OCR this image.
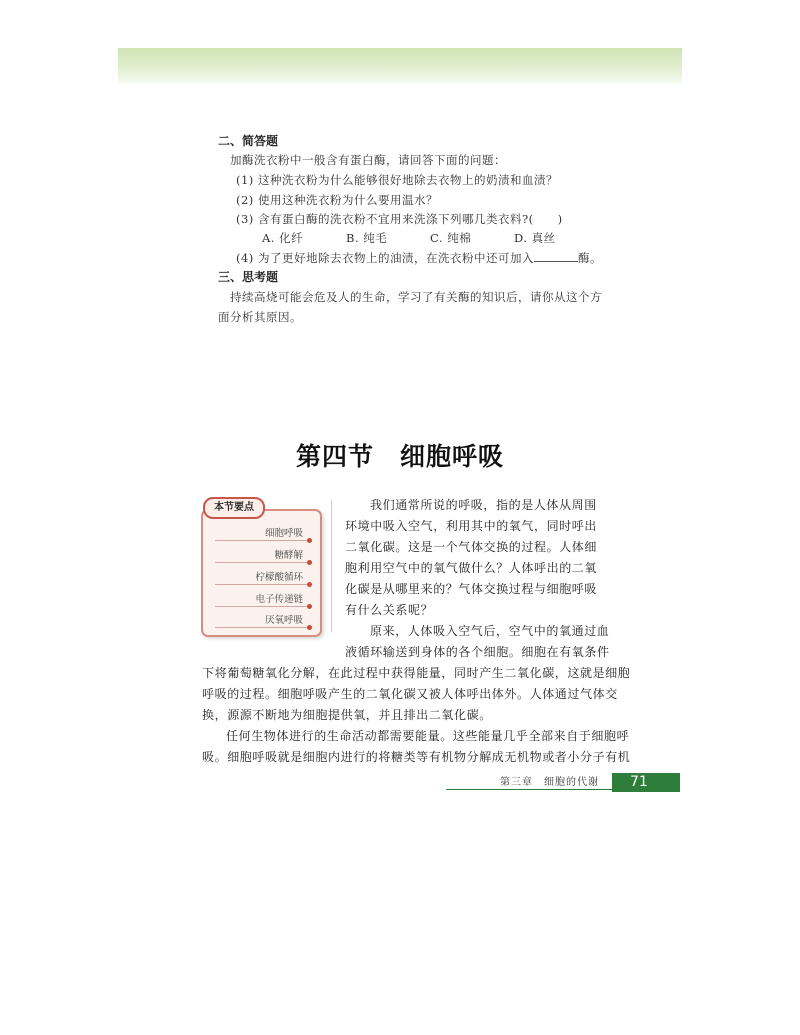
二、简答题
加酶洗衣粉中一般含有蛋白酶，请回答下面的问题：
(1) 这种洗衣粉为什么能够很好地除去衣物上的奶渍和血渍？
(2) 使用这种洗衣粉为什么要用温水？
(3) 含有蛋白酶的洗衣粉不宜用来洗涤下列哪几类衣料?(　　)
A. 化纤	B. 纯毛	C. 纯棉	D. 真丝
(4) 为了更好地除去衣物上的油渍，在洗衣粉中还可加入	酶。
三、思考题
持续高烧可能会危及人的生命，学习了有关酶的知识后，请你从这个方
面分析其原因。
第四节　细胞呼吸
本节要点
细胞呼吸
糖酵解
柠檬酸循环
电子传递链
厌氧呼吸
我们通常所说的呼吸，指的是人体从周围
环境中吸入空气，利用其中的氧气，同时呼出
二氧化碳。这是一个气体交换的过程。人体细
胞利用空气中的氧气做什么？人体呼出的二氧
化碳是从哪里来的？气体交换过程与细胞呼吸
有什么关系呢？
原来，人体吸入空气后，空气中的氧通过血
液循环输送到身体的各个细胞。细胞在有氧条件
下将葡萄糖氧化分解，在此过程中获得能量，同时产生二氧化碳，这就是细胞
呼吸的过程。细胞呼吸产生的二氧化碳又被人体呼出体外。人体通过气体交
换，源源不断地为细胞提供氧，并且排出二氧化碳。
任何生物体进行的生命活动都需要能量。这些能量几乎全部来自于细胞呼
吸。细胞呼吸就是细胞内进行的将糖类等有机物分解成无机物或者小分子有机
第三章　细胞的代谢	71
